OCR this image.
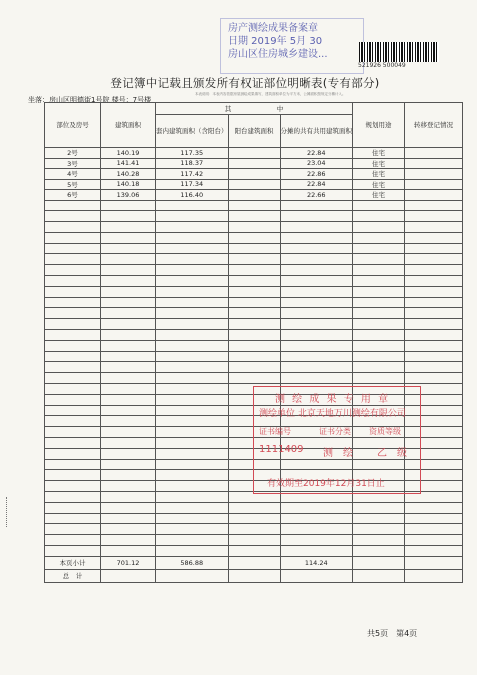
房产测绘成果备案章
日期 2019年 5月 30
房山区住房城乡建设...
521926 500049
登记簿中记载且颁发所有权证部位明晰表(专有部分)
本表说明：本表内容依据房屋测绘成果填写，建筑面积单位为平方米，公摊面积按规定分摊计入。
坐落：房山区明德街1号院 楼号：7号楼
部位及房号	建筑面积	其　　　　　　　中			规划用途	转移登记情况
		套内建筑面积（含阳台）	阳台建筑面积	分摊的共有共用建筑面积		
2号	140.19	117.35		22.84	住宅	
3号	141.41	118.37		23.04	住宅	
4号	140.28	117.42		22.86	住宅	
5号	140.18	117.34		22.84	住宅	
6号	139.06	116.40		22.66	住宅	

本页小计	701.12	586.88		114.24		
总　计						
测 绘 成 果 专 用 章
测绘单位 北京天地万川测绘有限公司
证书编号	证书分类 资质等级
1111409 测　绘 乙　级
有效期至2019年12月31日止
共5页　第4页
